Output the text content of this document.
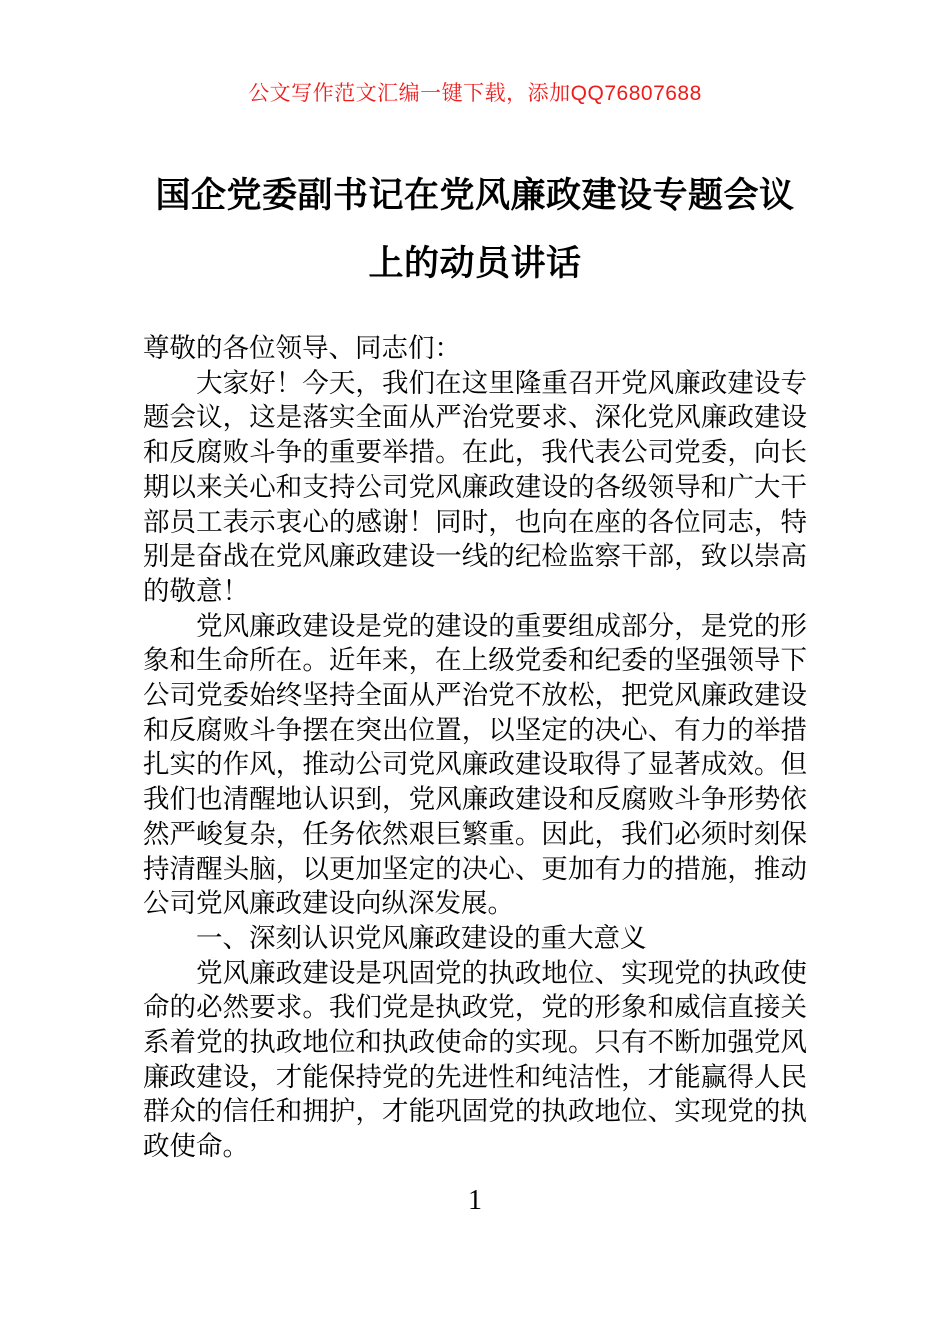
公文写作范文汇编一键下载，添加QQ76807688
国企党委副书记在党风廉政建设专题会议
上的动员讲话

尊敬的各位领导、同志们：

大家好！今天，我们在这里隆重召开党风廉政建设专题会议，这是落实全面从严治党要求、深化党风廉政建设和反腐败斗争的重要举措。在此，我代表公司党委，向长期以来关心和支持公司党风廉政建设的各级领导和广大干部员工表示衷心的感谢！同时，也向在座的各位同志，特别是奋战在党风廉政建设一线的纪检监察干部，致以崇高的敬意！

党风廉政建设是党的建设的重要组成部分，是党的形象和生命所在。近年来，在上级党委和纪委的坚强领导下公司党委始终坚持全面从严治党不放松，把党风廉政建设和反腐败斗争摆在突出位置，以坚定的决心、有力的举措扎实的作风，推动公司党风廉政建设取得了显著成效。但我们也清醒地认识到，党风廉政建设和反腐败斗争形势依然严峻复杂，任务依然艰巨繁重。因此，我们必须时刻保持清醒头脑，以更加坚定的决心、更加有力的措施，推动公司党风廉政建设向纵深发展。

一、深刻认识党风廉政建设的重大意义

党风廉政建设是巩固党的执政地位、实现党的执政使命的必然要求。我们党是执政党，党的形象和威信直接关系着党的执政地位和执政使命的实现。只有不断加强党风廉政建设，才能保持党的先进性和纯洁性，才能赢得人民群众的信任和拥护，才能巩固党的执政地位、实现党的执政使命。

1
